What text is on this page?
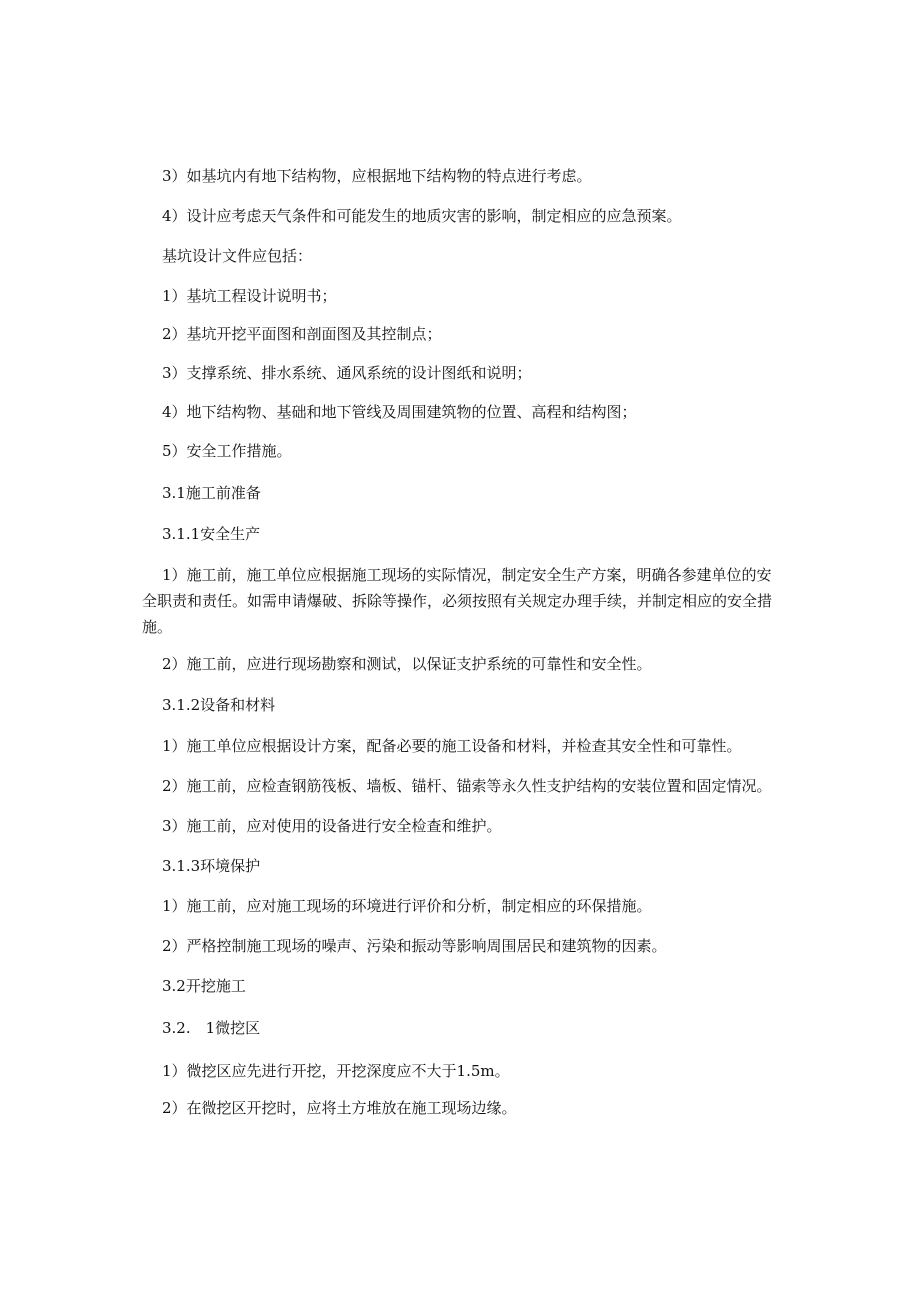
3）如基坑内有地下结构物，应根据地下结构物的特点进行考虑。

4）设计应考虑天气条件和可能发生的地质灾害的影响，制定相应的应急预案。

基坑设计文件应包括：

1）基坑工程设计说明书；

2）基坑开挖平面图和剖面图及其控制点；

3）支撑系统、排水系统、通风系统的设计图纸和说明；

4）地下结构物、基础和地下管线及周围建筑物的位置、高程和结构图；

5）安全工作措施。

3.1施工前准备

3.1.1安全生产

1）施工前，施工单位应根据施工现场的实际情况，制定安全生产方案，明确各参建单位的安

全职责和责任。如需申请爆破、拆除等操作，必须按照有关规定办理手续，并制定相应的安全措

施。

2）施工前，应进行现场勘察和测试，以保证支护系统的可靠性和安全性。

3.1.2设备和材料

1）施工单位应根据设计方案，配备必要的施工设备和材料，并检查其安全性和可靠性。

2）施工前，应检查钢筋筏板、墙板、锚杆、锚索等永久性支护结构的安装位置和固定情况。

3）施工前，应对使用的设备进行安全检查和维护。

3.1.3环境保护

1）施工前，应对施工现场的环境进行评价和分析，制定相应的环保措施。

2）严格控制施工现场的噪声、污染和振动等影响周围居民和建筑物的因素。

3.2开挖施工

3.2.　1微挖区

1）微挖区应先进行开挖，开挖深度应不大于1.5m。

2）在微挖区开挖时，应将土方堆放在施工现场边缘。
